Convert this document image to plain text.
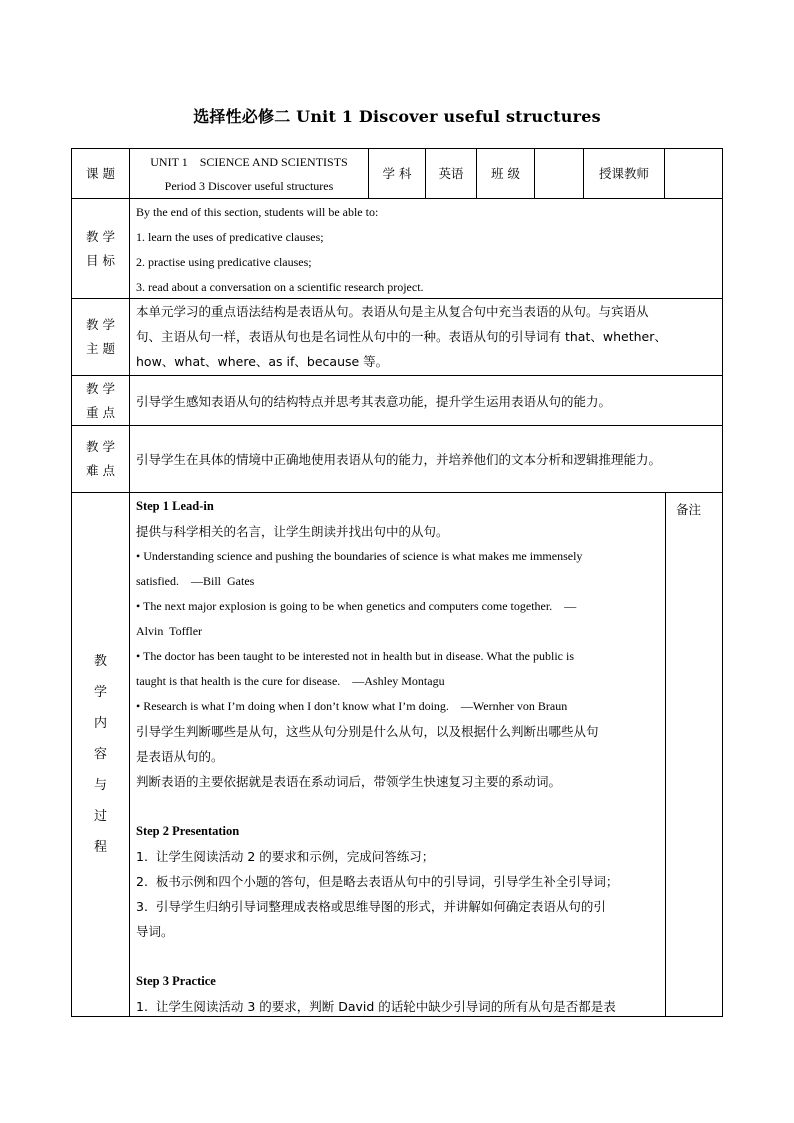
选择性必修二 Unit 1 Discover useful structures
课 题
UNIT 1    SCIENCE AND SCIENTISTS
Period 3 Discover useful structures
学 科 英语 班 级	授课教师
教 学
目 标
By the end of this section, students will be able to:
1. learn the uses of predicative clauses;
2. practise using predicative clauses;
3. read about a conversation on a scientific research project.
教 学
主 题
本单元学习的重点语法结构是表语从句。表语从句是主从复合句中充当表语的从句。与宾语从
句、主语从句一样，表语从句也是名词性从句中的一种。表语从句的引导词有 that、whether、
how、what、where、as if、because 等。
教 学
重 点
引导学生感知表语从句的结构特点并思考其表意功能，提升学生运用表语从句的能力。
教 学
难 点
引导学生在具体的情境中正确地使用表语从句的能力，并培养他们的文本分析和逻辑推理能力。
教
学
内
容
与
过
程
Step 1 Lead-in
提供与科学相关的名言，让学生朗读并找出句中的从句。
• Understanding science and pushing the boundaries of science is what makes me immensely
satisfied.    —Bill  Gates
• The next major explosion is going to be when genetics and computers come together.    —
Alvin  Toffler
• The doctor has been taught to be interested not in health but in disease. What the public is
taught is that health is the cure for disease.    —Ashley Montagu
• Research is what I’m doing when I don’t know what I’m doing.    —Wernher von Braun
引导学生判断哪些是从句，这些从句分别是什么从句，以及根据什么判断出哪些从句
是表语从句的。
判断表语的主要依据就是表语在系动词后，带领学生快速复习主要的系动词。
Step 2 Presentation
1.  让学生阅读活动 2 的要求和示例，完成问答练习；
2.  板书示例和四个小题的答句，但是略去表语从句中的引导词，引导学生补全引导词；
3.  引导学生归纳引导词整理成表格或思维导图的形式，并讲解如何确定表语从句的引
导词。
Step 3 Practice
1.  让学生阅读活动 3 的要求，判断 David 的话轮中缺少引导词的所有从句是否都是表
备注
